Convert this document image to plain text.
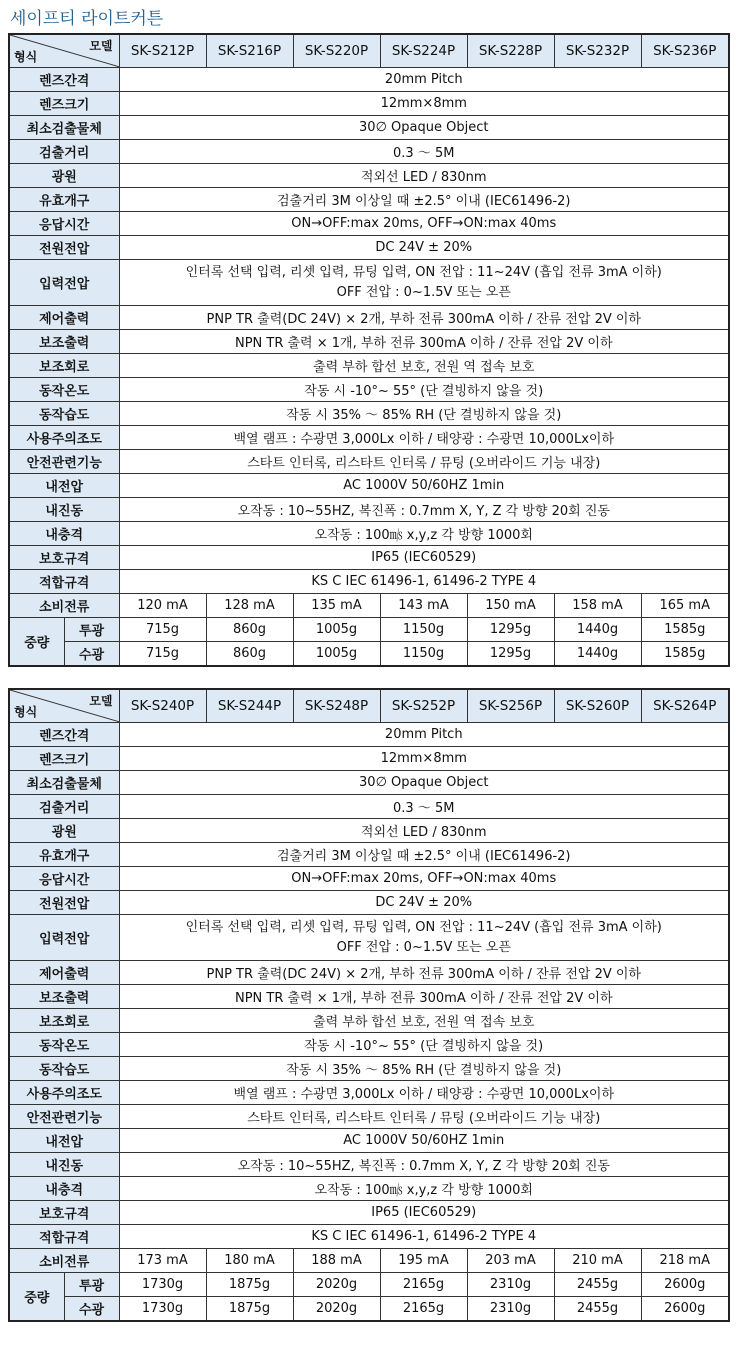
세이프티 라이트커튼
모델
형식		SK-S212P	SK-S216P	SK-S220P	SK-S224P	SK-S228P	SK-S232P	SK-S236P
렌즈간격		20mm Pitch						
렌즈크기		12mm×8mm						
최소검출물체		30∅ Opaque Object						
검출거리		0.3 ～ 5M						
광원		적외선 LED / 830nm						
유효개구		검출거리 3M 이상일 때 ±2.5° 이내 (IEC61496-2)						
응답시간		ON→OFF:max 20ms, OFF→ON:max 40ms						
전원전압		DC 24V ± 20%						
입력전압		인터록 선택 입력, 리셋 입력, 뮤팅 입력, ON 전압 : 11~24V (흡입 전류 3mA 이하)
OFF 전압 : 0~1.5V 또는 오픈						

제어출력		PNP TR 출력(DC 24V) × 2개, 부하 전류 300mA 이하 / 잔류 전압 2V 이하						
보조출력		NPN TR 출력 × 1개, 부하 전류 300mA 이하 / 잔류 전압 2V 이하						
보조회로		출력 부하 합선 보호, 전원 역 접속 보호						
동작온도		작동 시 -10°~ 55° (단 결빙하지 않을 것)						
동작습도		작동 시 35% ～ 85% RH (단 결빙하지 않을 것)						
사용주의조도		백열 램프 : 수광면 3,000Lx 이하 / 태양광 : 수광면 10,000Lx이하						
안전관련기능		스타트 인터록, 리스타트 인터록 / 뮤팅 (오버라이드 기능 내장)						
내전압		AC 1000V 50/60HZ 1min						
내진동		오작동 : 10~55HZ, 복진폭 : 0.7mm X, Y, Z 각 방향 20회 진동						
내충격		오작동 : 100㎧ x,y,z 각 방향 1000회						
보호규격		IP65 (IEC60529)						
적합규격		KS C IEC 61496-1, 61496-2 TYPE 4						
소비전류		120 mA	128 mA	135 mA	143 mA	150 mA	158 mA	165 mA
중량	투광	715g	860g	1005g	1150g	1295g	1440g	1585g
	수광	715g	860g	1005g	1150g	1295g	1440g	1585g
모델
형식		SK-S240P	SK-S244P	SK-S248P	SK-S252P	SK-S256P	SK-S260P	SK-S264P
렌즈간격		20mm Pitch						
렌즈크기		12mm×8mm						
최소검출물체		30∅ Opaque Object						
검출거리		0.3 ～ 5M						
광원		적외선 LED / 830nm						
유효개구		검출거리 3M 이상일 때 ±2.5° 이내 (IEC61496-2)						
응답시간		ON→OFF:max 20ms, OFF→ON:max 40ms						
전원전압		DC 24V ± 20%						
입력전압		인터록 선택 입력, 리셋 입력, 뮤팅 입력, ON 전압 : 11~24V (흡입 전류 3mA 이하)
OFF 전압 : 0~1.5V 또는 오픈						

제어출력		PNP TR 출력(DC 24V) × 2개, 부하 전류 300mA 이하 / 잔류 전압 2V 이하						
보조출력		NPN TR 출력 × 1개, 부하 전류 300mA 이하 / 잔류 전압 2V 이하						
보조회로		출력 부하 합선 보호, 전원 역 접속 보호						
동작온도		작동 시 -10°~ 55° (단 결빙하지 않을 것)						
동작습도		작동 시 35% ～ 85% RH (단 결빙하지 않을 것)						
사용주의조도		백열 램프 : 수광면 3,000Lx 이하 / 태양광 : 수광면 10,000Lx이하						
안전관련기능		스타트 인터록, 리스타트 인터록 / 뮤팅 (오버라이드 기능 내장)						
내전압		AC 1000V 50/60HZ 1min						
내진동		오작동 : 10~55HZ, 복진폭 : 0.7mm X, Y, Z 각 방향 20회 진동						
내충격		오작동 : 100㎧ x,y,z 각 방향 1000회						
보호규격		IP65 (IEC60529)						
적합규격		KS C IEC 61496-1, 61496-2 TYPE 4						
소비전류		173 mA	180 mA	188 mA	195 mA	203 mA	210 mA	218 mA
중량	투광	1730g	1875g	2020g	2165g	2310g	2455g	2600g
	수광	1730g	1875g	2020g	2165g	2310g	2455g	2600g
